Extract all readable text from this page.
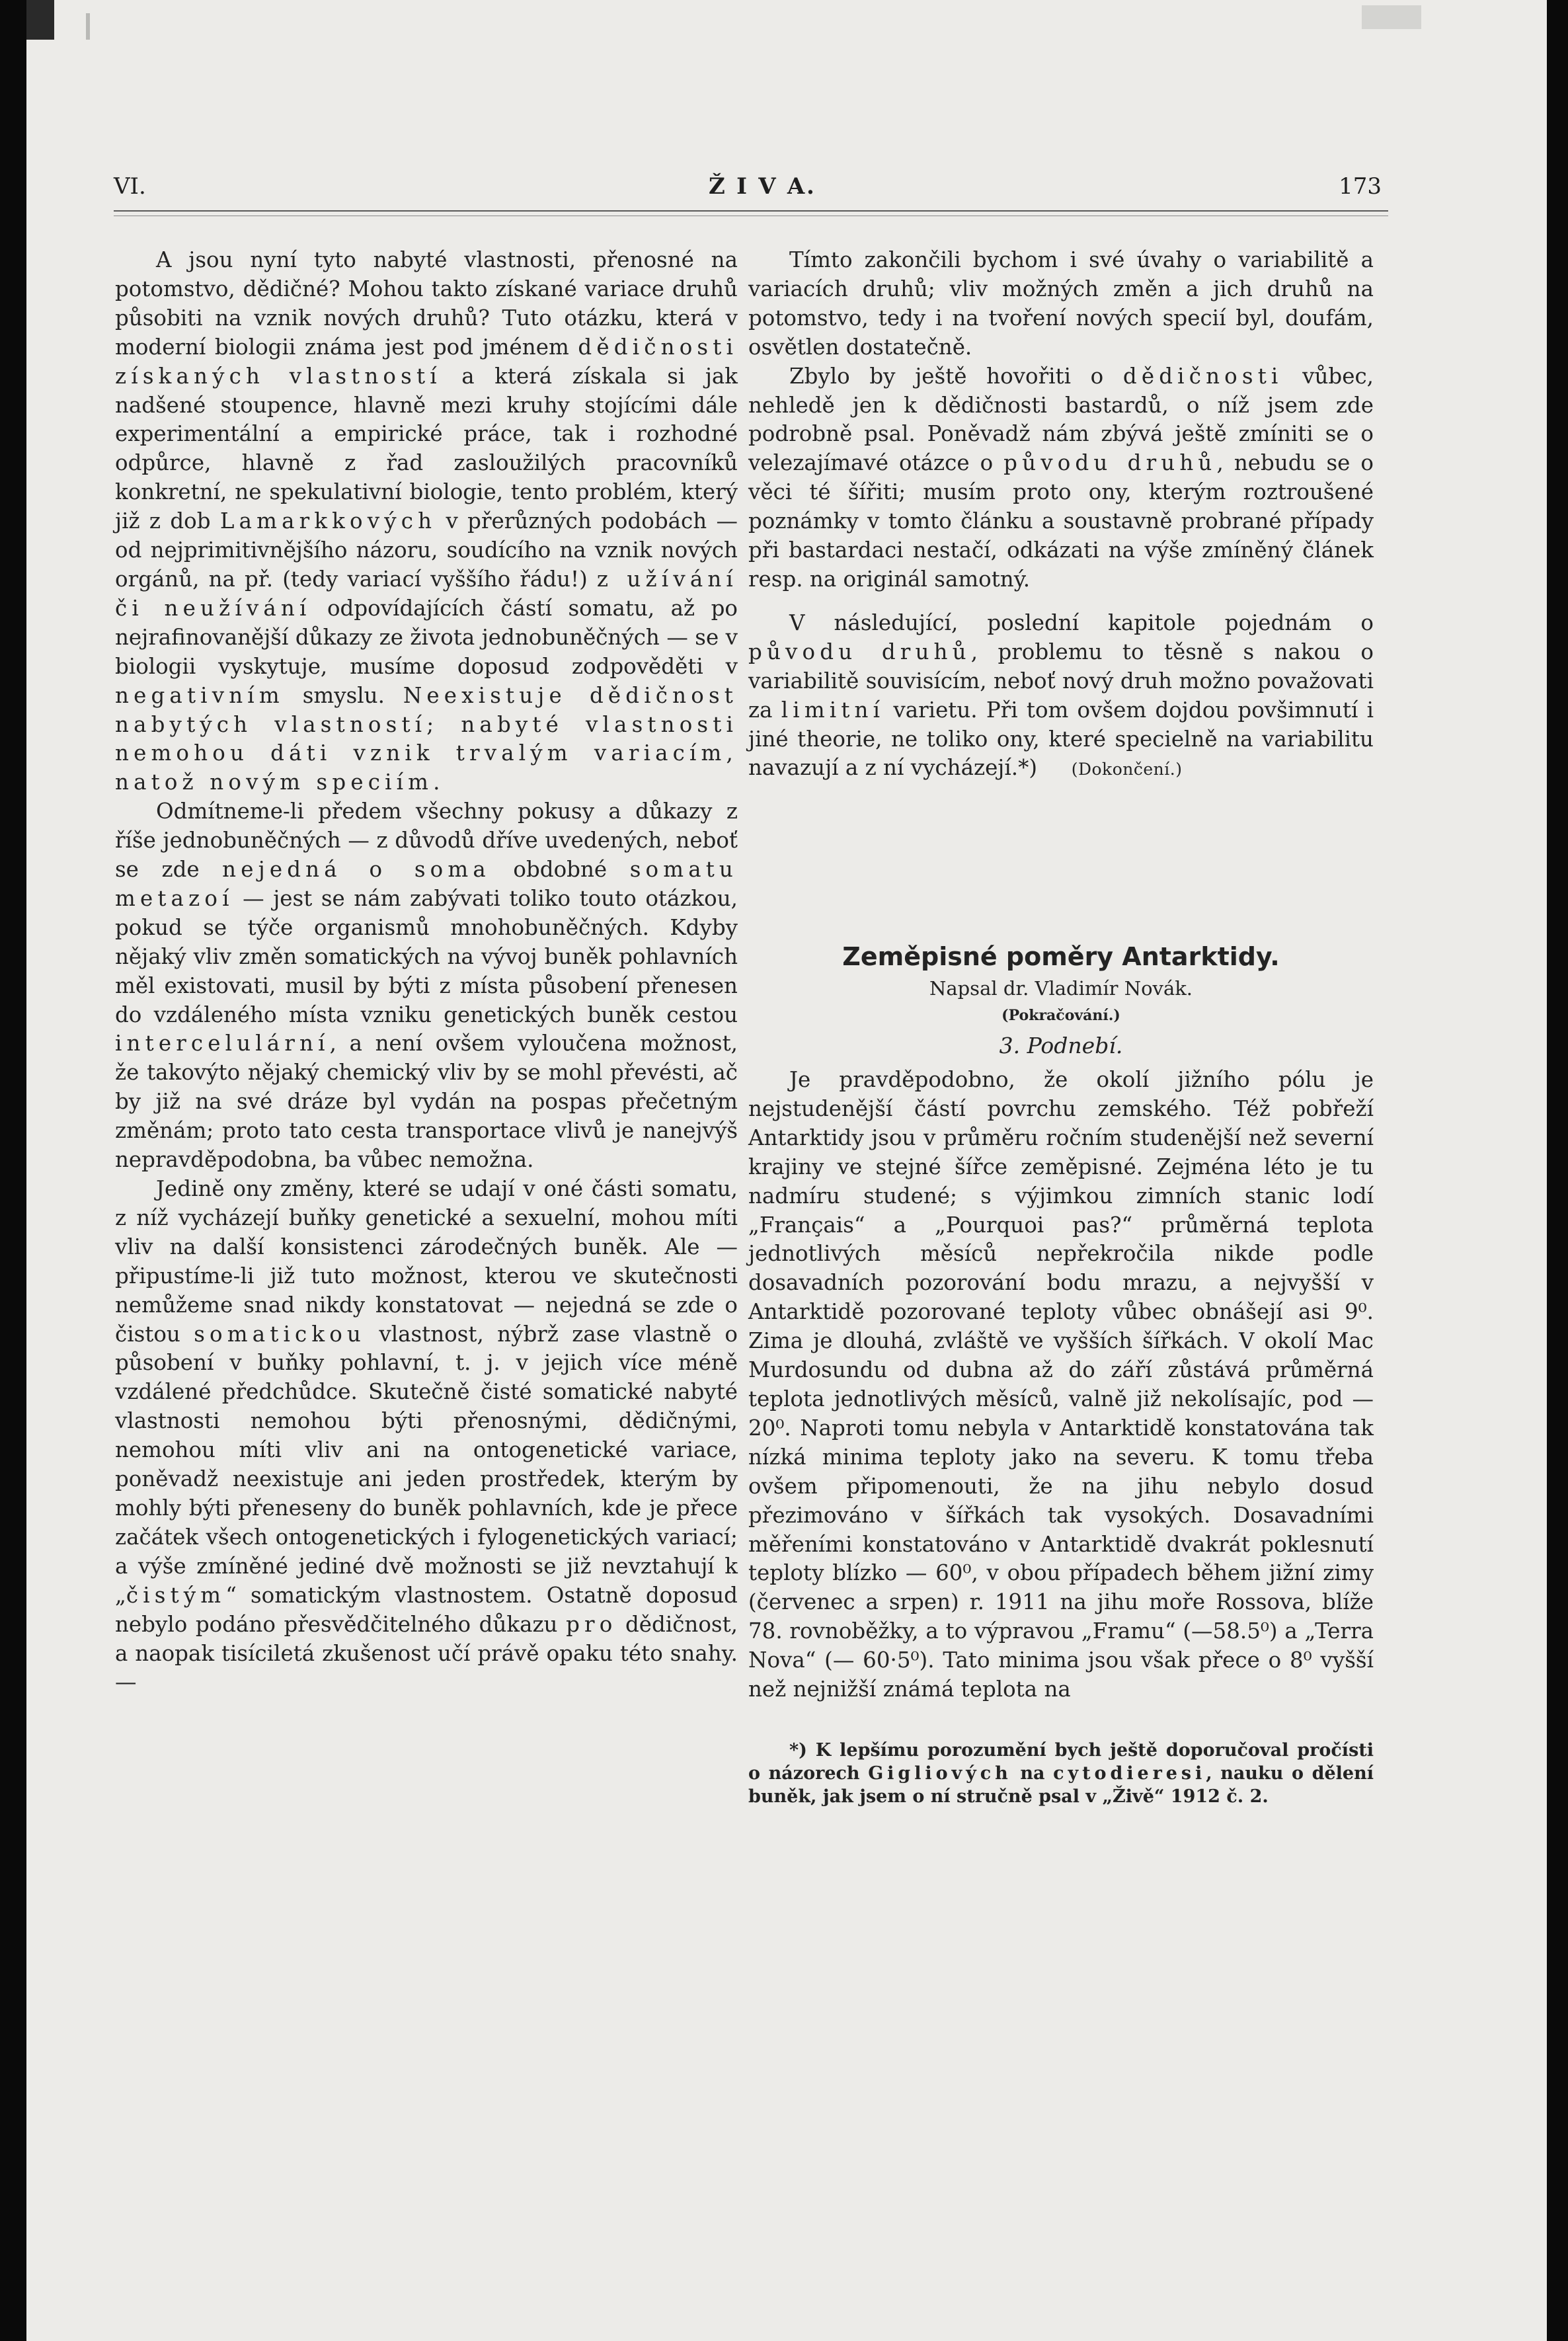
VI.	Ž I V A.	173

A jsou nyní tyto nabyté vlastnosti, přenosné na potomstvo, dědičné? Mohou takto získané variace druhů působiti na vznik nových druhů? Tuto otázku, která v moderní biologii známa jest pod jménem dědičnosti získaných vlastností a která získala si jak nadšené stoupence, hlavně mezi kruhy stojícími dále experimentální a empirické práce, tak i rozhodné odpůrce, hlavně z řad zasloužilých pracovníků konkretní, ne spekulativní biologie, tento problém, který již z dob Lamarkkových v přerůzných podobách — od nejprimitivnějšího názoru, soudícího na vznik nových orgánů, na př. (tedy variací vyššího řádu!) z užívání či neužívání odpovídajících částí somatu, až po nejrafinovanější důkazy ze života jednobuněčných — se v biologii vyskytuje, musíme doposud zodpověděti v negativním smyslu. Neexistuje dědičnost nabytých vlastností; nabyté vlastnosti nemohou dáti vznik trvalým variacím, natož novým speciím.

Odmítneme-li předem všechny pokusy a důkazy z říše jednobuněčných — z důvodů dříve uvedených, neboť se zde nejedná o soma obdobné somatu metazoí — jest se nám zabývati toliko touto otázkou, pokud se týče organismů mnohobuněčných. Kdyby nějaký vliv změn somatických na vývoj buněk pohlavních měl existovati, musil by býti z místa působení přenesen do vzdáleného místa vzniku genetických buněk cestou intercelulární, a není ovšem vyloučena možnost, že takovýto nějaký chemický vliv by se mohl převésti, ač by již na své dráze byl vydán na pospas přečetným změnám; proto tato cesta transportace vlivů je nanejvýš nepravděpodobna, ba vůbec nemožna.

Jedině ony změny, které se udají v oné části somatu, z níž vycházejí buňky genetické a sexuelní, mohou míti vliv na další konsistenci zárodečných buněk. Ale — připustíme-li již tuto možnost, kterou ve skutečnosti nemůžeme snad nikdy konstatovat — nejedná se zde o čistou somatickou vlastnost, nýbrž zase vlastně o působení v buňky pohlavní, t. j. v jejich více méně vzdálené předchůdce. Skutečně čisté somatické nabyté vlastnosti nemohou býti přenosnými, dědičnými, nemohou míti vliv ani na ontogenetické variace, poněvadž neexistuje ani jeden prostředek, kterým by mohly býti přeneseny do buněk pohlavních, kde je přece začátek všech ontogenetických i fylogenetických variací; a výše zmíněné jediné dvě možnosti se již nevztahují k „čistým“ somatickým vlastnostem. Ostatně doposud nebylo podáno přesvědčitelného důkazu pro dědičnost, a naopak tisíciletá zkušenost učí právě opaku této snahy. —

Tímto zakončili bychom i své úvahy o variabilitě a variacích druhů; vliv možných změn a jich druhů na potomstvo, tedy i na tvoření nových specií byl, doufám, osvětlen dostatečně.

Zbylo by ještě hovořiti o dědičnosti vůbec, nehledě jen k dědičnosti bastardů, o níž jsem zde podrobně psal. Poněvadž nám zbývá ještě zmíniti se o velezajímavé otázce o původu druhů, nebudu se o věci té šířiti; musím proto ony, kterým roztroušené poznámky v tomto článku a soustavně probrané případy při bastardaci nestačí, odkázati na výše zmíněný článek resp. na originál samotný.

V následující, poslední kapitole pojednám o původu druhů, problemu to těsně s nakou o variabilitě souvisícím, neboť nový druh možno považovati za limitní varietu. Při tom ovšem dojdou povšimnutí i jiné theorie, ne toliko ony, které specielně na variabilitu navazují a z ní vycházejí.*) (Dokončení.)

Zeměpisné poměry Antarktidy.

Napsal dr. Vladimír Novák.

(Pokračování.)

3. Podnebí.

Je pravděpodobno, že okolí jižního pólu je nejstudenější částí povrchu zemského. Též pobřeží Antarktidy jsou v průměru ročním studenější než severní krajiny ve stejné šířce zeměpisné. Zejména léto je tu nadmíru studené; s výjimkou zimních stanic lodí „Français“ a „Pourquoi pas?“ průměrná teplota jednotlivých měsíců nepřekročila nikde podle dosavadních pozorování bodu mrazu, a nejvyšší v Antarktidě pozorované teploty vůbec obnášejí asi 9⁰. Zima je dlouhá, zvláště ve vyšších šířkách. V okolí Mac Murdosundu od dubna až do září zůstává průměrná teplota jednotlivých měsíců, valně již nekolísajíc, pod —20⁰. Naproti tomu nebyla v Antarktidě konstatována tak nízká minima teploty jako na severu. K tomu třeba ovšem připomenouti, že na jihu nebylo dosud přezimováno v šířkách tak vysokých. Dosavadními měřeními konstatováno v Antarktidě dvakrát poklesnutí teploty blízko — 60⁰, v obou případech během jižní zimy (červenec a srpen) r. 1911 na jihu moře Rossova, blíže 78. rovnoběžky, a to výpravou „Framu“ (—58.5⁰) a „Terra Nova“ (— 60·5⁰). Tato minima jsou však přece o 8⁰ vyšší než nejnižší známá teplota na

*) K lepšímu porozumění bych ještě doporučoval pročísti o názorech Gigliových na cytodieresi, nauku o dělení buněk, jak jsem o ní stručně psal v „Živě“ 1912 č. 2.
